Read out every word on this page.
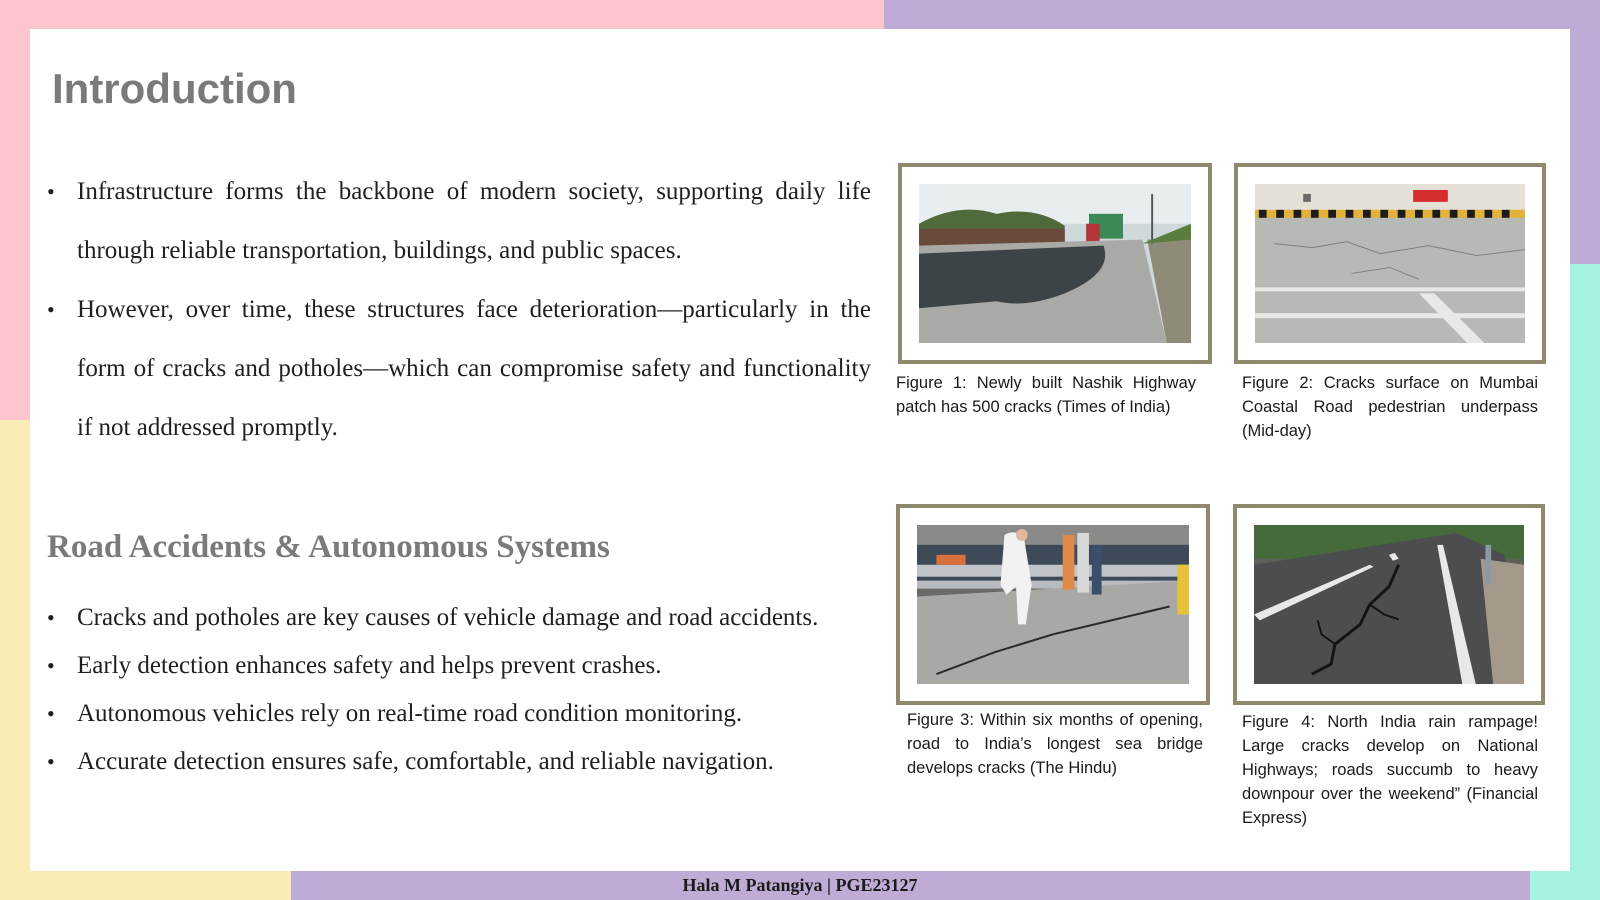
Introduction
• Infrastructure forms the backbone of modern society, supporting daily life through reliable transportation, buildings, and public spaces.
• However, over time, these structures face deterioration—particularly in the form of cracks and potholes—which can compromise safety and functionality if not addressed promptly.
Road Accidents & Autonomous Systems
• Cracks and potholes are key causes of vehicle damage and road accidents.
• Early detection enhances safety and helps prevent crashes.
• Autonomous vehicles rely on real-time road condition monitoring.
• Accurate detection ensures safe, comfortable, and reliable navigation.

Figure 1: Newly built Nashik Highway patch has 500 cracks (Times of India)

Figure 2: Cracks surface on Mumbai Coastal Road pedestrian underpass (Mid-day)

Figure 3: Within six months of opening, road to India’s longest sea bridge develops cracks (The Hindu)

Figure 4: North India rain rampage! Large cracks develop on National Highways; roads succumb to heavy downpour over the weekend” (Financial Express)

Hala M Patangiya | PGE23127
